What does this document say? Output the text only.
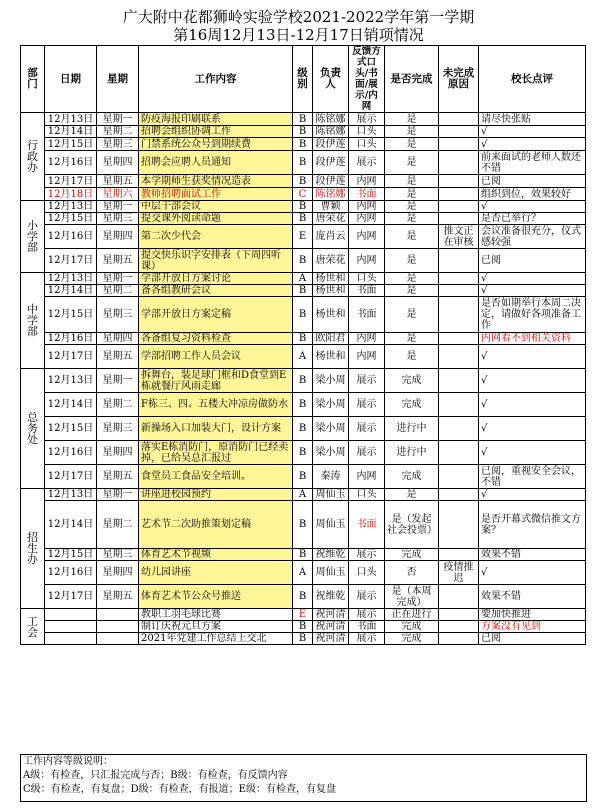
广大附中花都狮岭实验学校2021-2022学年第一学期
第16周12月13日-12月17日销项情况
部门	日期	星期	工作内容	级别	负责人	反馈方式口头/书面/展示/内网	是否完成	未完成原因	校长点评
行政办	12月13日	星期一	防疫海报印刷联系	B	陈铭娜	展示	是		请尽快张贴
	12月14日	星期二	招聘会组织协调工作	B	陈铭娜	口头	是		√
	12月15日	星期三	门禁系统公众号到期续费	B	段伊莲	口头	是		√
	12月16日	星期四	招聘会应聘人员通知	B	段伊莲	展示	是		前来面试的老师人数还不错
	12月17日	星期五	本学期师生获奖情况造表	B	段伊莲	内网	是		已阅
	12月18日	星期六	教师招聘面试工作	C	陈铭娜	书面	是		组织到位，效果较好
小学部	12月13日	星期一	中层干部会议	B	曹颖	内网	是		√
	12月15日	星期三	提交课外阅读命题	B	唐荣花	内网	是		是否已举行？
	12月16日	星期四	第二次少代会	E	庞肖云	内网	是	推文正在审核	会议准备很充分，仪式感较强
	12月17日	星期五	提交快乐识字安排表（下周四听课）	B	唐荣花	内网	是		已阅
中学部	12月13日	星期一	学部开放日方案讨论	A	杨世和	口头	是		√
	12月14日	星期二	备各组教研会议	B	杨世和	书面	是		√
	12月15日	星期三	学部开放日方案定稿	B	杨世和	书面	是		是否如期举行本周二决定，请做好各项准备工作
	12月16日	星期四	各备组复习资料检查	B	欧阳君	内网	是		内网看不到相关资料
	12月17日	星期五	学部招聘工作人员会议	A	杨世和	内网	是		√
总务处	12月13日	星期一	拆舞台，装足球门框和D食堂到E栋就餐厅风雨走廊	B	梁小周	展示	完成		√
	12月14日	星期二	F栋三、四、五楼大冲凉房做防水	B	梁小周	展示	完成		√
	12月15日	星期三	新操场入口加装大门，设计方案	B	梁小周	展示	进行中		√
	12月16日	星期四	落实E栋消防门，原消防门已经卖掉，已给吴总汇报过	B	梁小周	展示	进行中		√
	12月17日	星期五	食堂员工食品安全培训。	B	秦涛	内网	完成		已阅，重视安全会议，不错
招生办	12月13日	星期一	讲座进校园预约	A	周仙玉	口头	是		√
	12月14日	星期二	艺术节二次助推策划定稿	B	周仙玉	书面	是（发起社会投票）		是否开幕式微信推文方案？
	12月15日	星期三	体育艺术节视频	B	祝维乾	展示	完成		效果不错
	12月16日	星期四	幼儿园讲座	A	周仙玉	口头	否	疫情推迟	√
	12月17日	星期五	体育艺术节公众号推送	B	祝维乾	展示	是（本周完成）		效果不错
工会			教职工羽毛球比赛	E	祝河清	展示	正在进行		要加快推进
			制订庆祝元旦方案	B	祝河清	书面	完成		方案没有见到
			2021年党建工作总结上交北	B	祝河清	展示	完成		已阅
工作内容等级说明：
A级：有检查，只汇报完成与否；B级：有检查，有反馈内容
C级：有检查，有复盘；D级：有检查，有报道；E级：有检查，有复盘
